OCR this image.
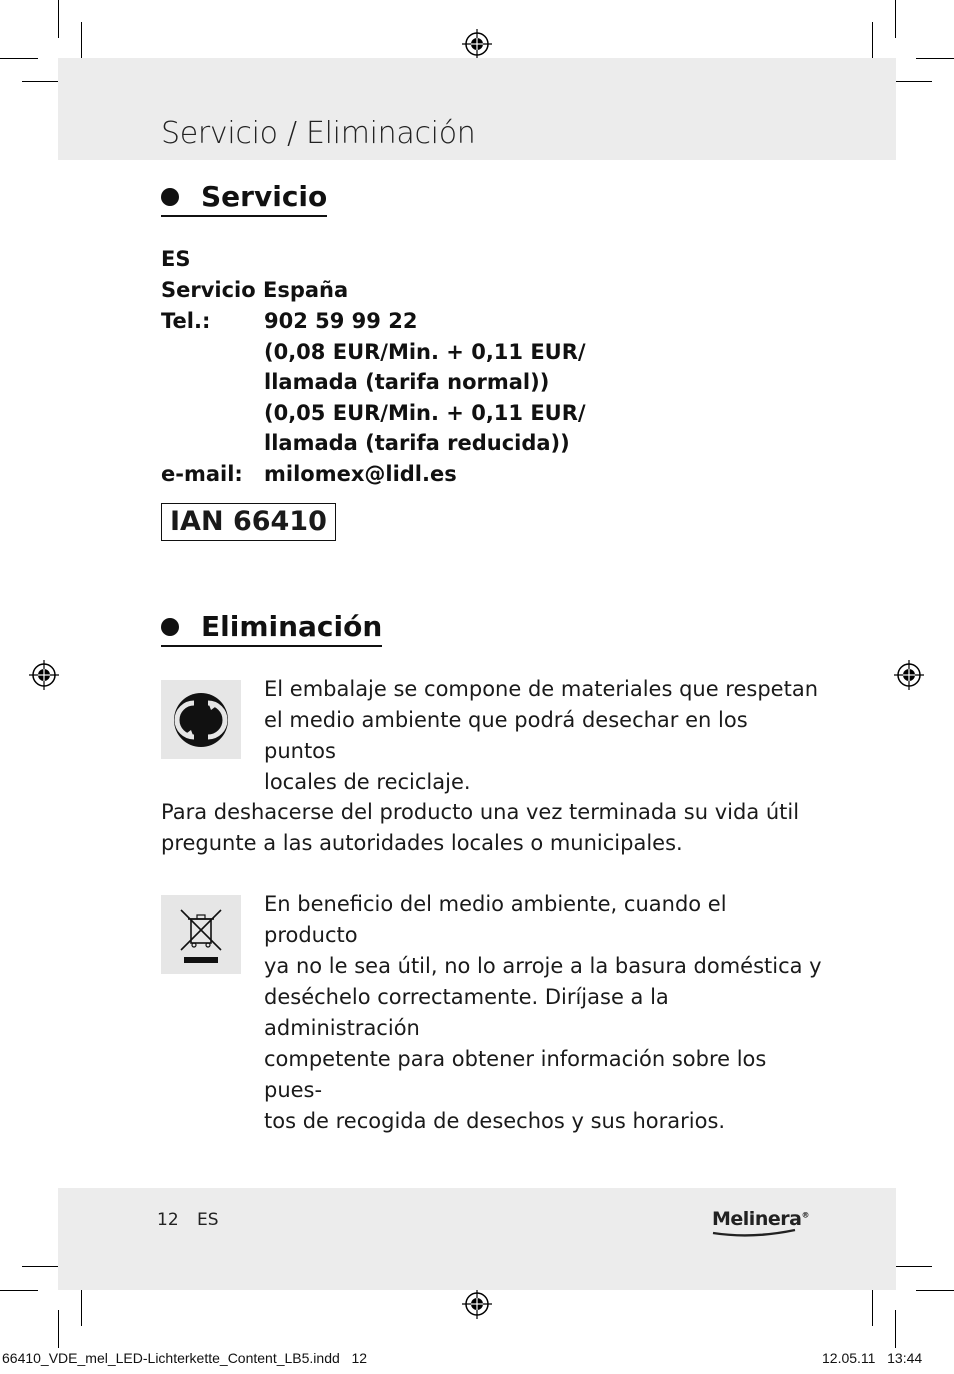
Servicio / Eliminación
Servicio
ES
Servicio España
Tel.:	902 59 99 22
(0,08 EUR/Min. + 0,11 EUR/
llamada (tarifa normal))
(0,05 EUR/Min. + 0,11 EUR/
llamada (tarifa reducida))
e-mail: milomex@lidl.es
IAN 66410
Eliminación
El embalaje se compone de materiales que respetan
el medio ambiente que podrá desechar en los puntos
locales de reciclaje.
Para deshacerse del producto una vez terminada su vida útil
pregunte a las autoridades locales o municipales.
En beneficio del medio ambiente, cuando el producto
ya no le sea útil, no lo arroje a la basura doméstica y
deséchelo correctamente. Diríjase a la administración
competente para obtener información sobre los pues-
tos de recogida de desechos y sus horarios.
12 ES	Melinera®
66410_VDE_mel_LED-Lichterkette_Content_LB5.indd   12	12.05.11   13:44
